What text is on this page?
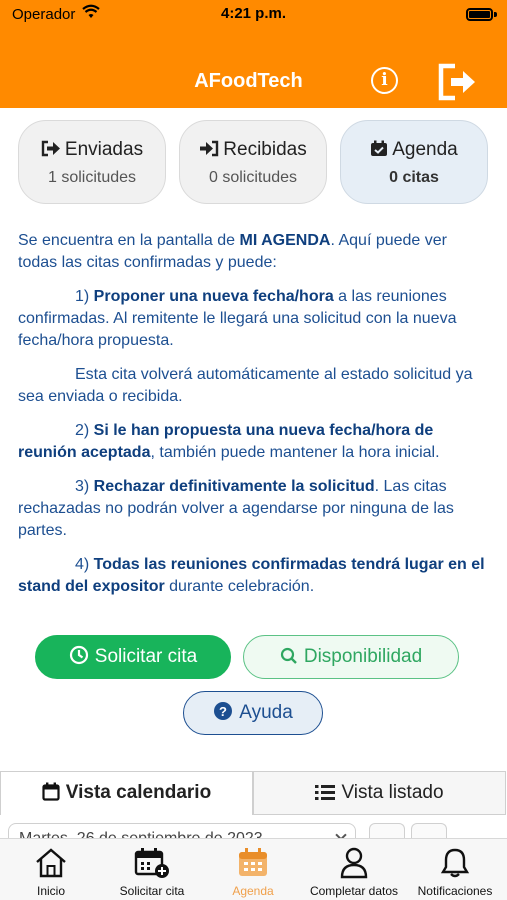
Operador	4:21 p.m.
AFoodTech	i
Enviadas
1 solicitudes
Recibidas
0 solicitudes
Agenda
0 citas

Se encuentra en la pantalla de MI AGENDA. Aquí puede ver todas las citas confirmadas y puede:

1) Proponer una nueva fecha/hora a las reuniones confirmadas. Al remitente le llegará una solicitud con la nueva fecha/hora propuesta.

Esta cita volverá automáticamente al estado solicitud ya sea enviada o recibida.

2) Si le han propuesta una nueva fecha/hora de reunión aceptada, también puede mantener la hora inicial.

3) Rechazar definitivamente la solicitud. Las citas rechazadas no podrán volver a agendarse por ninguna de las partes.

4) Todas las reuniones confirmadas tendrá lugar en el stand del expositor durante celebración.

Solicitar cita	Disponibilidad
? Ayuda
Vista calendario	Vista listado
Inicio	Solicitar cita	Agenda	Completar datos	Notificaciones
